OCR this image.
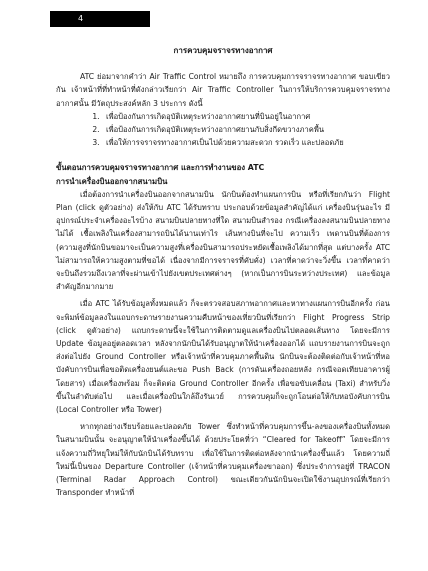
4
การควบคุมจราจรทางอากาศ

ATC ย่อมาจากคำว่า Air Traffic Control หมายถึง การควบคุมการจราจรทางอากาศ ขอบเขียวกัน เจ้าหน้าที่ที่ทำหน้าที่ดังกล่าวเรียกว่า Air Traffic Controller ในการให้บริการควบคุมจราจรทางอากาศนั้น มีวัตถุประสงค์หลัก 3 ประการ ดังนี้

1. เพื่อป้องกันการเกิดอุบัติเหตุระหว่างอากาศยานที่บินอยู่ในอากาศ
2. เพื่อป้องกันการเกิดอุบัติเหตุระหว่างอากาศยานกับสิ่งกีดขวางภาคพื้น
3. เพื่อให้การจราจรทางอากาศเป็นไปด้วยความสะดวก รวดเร็ว และปลอดภัย
ขั้นตอนการควบคุมจราจรทางอากาศ และการทำงานของ ATC
การนำเครื่องบินออกจากสนามบิน

เมื่อต้องการนำเครื่องบินออกจากสนามบิน นักบินต้องทำแผนการบิน หรือที่เรียกกันว่า Flight Plan (click ดูตัวอย่าง) ส่งให้กับ ATC ได้รับทราบ ประกอบด้วยข้อมูลสำคัญได้แก่ เครื่องบินรุ่นอะไร มีอุปกรณ์ประจำเครื่องอะไรบ้าง สนามบินปลายทางที่ใด สนามบินสำรอง กรณีเครื่องลงสนามบินปลายทางไม่ได้ เชื้อเพลิงในเครื่องสามารถบินได้นานเท่าไร เส้นทางบินที่จะไป ความเร็ว เพดานบินที่ต้องการ (ความสูงที่นักบินขอมาจะเป็นความสูงที่เครื่องบินสามารถประหยัดเชื้อเพลิงได้มากที่สุด แต่บางครั้ง ATC ไม่สามารถให้ความสูงตามที่ขอได้ เนื่องจากมีการจราจรที่คับคั่ง) เวลาที่คาดว่าจะวิ่งขึ้น เวลาที่คาดว่าจะบินถึงรวมถึงเวลาที่จะผ่านเข้าไปยังเขตประเทศต่างๆ (หากเป็นการบินระหว่างประเทศ) และข้อมูลสำคัญอีกมากมาย

เมื่อ ATC ได้รับข้อมูลทั้งหมดแล้ว ก็จะตรวจสอบสภาพอากาศและหาทางแผนการบินอีกครั้ง ก่อนจะพิมพ์ข้อมูลลงในแถบกระดาษรายงานความคืบหน้าของเที่ยวบินที่เรียกว่า Flight Progress Strip (click ดูตัวอย่าง) แถบกระดาษนี้จะใช้ในการติดตามดูแลเครื่องบินไปตลอดเส้นทาง โดยจะมีการ Update ข้อมูลอยู่ตลอดเวลา หลังจากนักบินได้รับอนุญาตให้นำเครื่องออกได้ แถบรายงานการบินจะถูกส่งต่อไปยัง Ground Controller หรือเจ้าหน้าที่ควบคุมภาคพื้นดิน นักบินจะต้องติดต่อกับเจ้าหน้าที่หอบังคับการบินเพื่อขอติดเครื่องยนต์และขอ Push Back (การดันเครื่องถอยหลัง กรณีจอดเทียบอาคารผู้โดยสาร) เมื่อเครื่องพร้อม ก็จะติดต่อ Ground Controller อีกครั้ง เพื่อขอขับเคลื่อน (Taxi) สำหรับวิ่งขึ้นในลำดับต่อไป และเมื่อเครื่องบินใกล้ถึงรันเวย์ การควบคุมก็จะถูกโอนต่อให้กับหอบังคับการบิน (Local Controller หรือ Tower)

หากทุกอย่างเรียบร้อยและปลอดภัย Tower ซึ่งทำหน้าที่ควบคุมการขึ้น-ลงของเครื่องบินทั้งหมดในสนามบินนั้น จะอนุญาตให้นำเครื่องขึ้นได้ ด้วยประโยคที่ว่า “Cleared for Takeoff” โดยจะมีการแจ้งความถี่วิทยุใหม่ให้กับนักบินได้รับทราบ เพื่อใช้ในการติดต่อหลังจากนำเครื่องขึ้นแล้ว โดยความถี่ใหม่นี้เป็นของ Departure Controller (เจ้าหน้าที่ควบคุมเครื่องขาออก) ซึ่งประจำการอยู่ที่ TRACON (Terminal Radar Approach Control) ขณะเดียวกันนักบินจะเปิดใช้งานอุปกรณ์ที่เรียกว่า Transponder ทำหน้าที่
